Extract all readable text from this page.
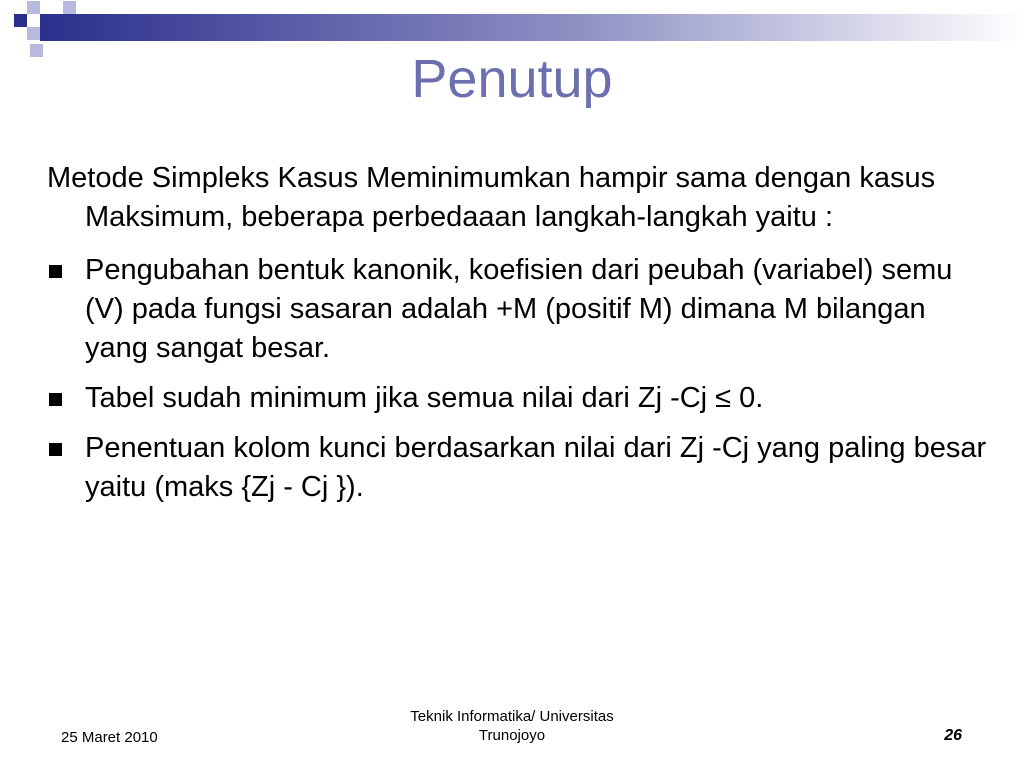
Penutup

Metode Simpleks Kasus Meminimumkan hampir sama dengan kasus Maksimum, beberapa perbedaaan langkah-langkah yaitu :

Pengubahan bentuk kanonik, koefisien dari peubah (variabel) semu (V) pada fungsi sasaran adalah +M (positif M) dimana M bilangan yang sangat besar.
Tabel sudah minimum jika semua nilai dari Zj -Cj ≤ 0.
Penentuan kolom kunci berdasarkan nilai dari Zj -Cj yang paling besar yaitu (maks {Zj - Cj }).
25 Maret 2010
Teknik Informatika/ Universitas
Trunojoyo	26
